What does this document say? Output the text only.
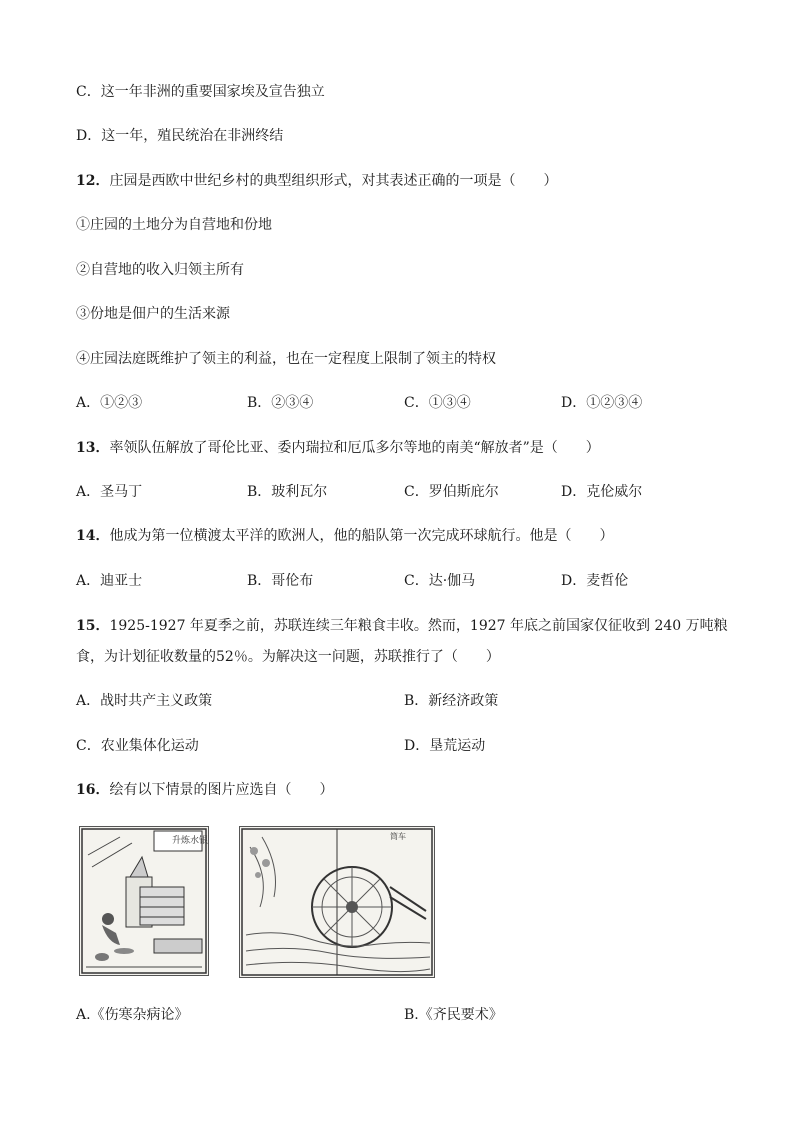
C．这一年非洲的重要国家埃及宣告独立
D．这一年，殖民统治在非洲终结
12．庄园是西欧中世纪乡村的典型组织形式，对其表述正确的一项是（　　）
①庄园的土地分为自营地和份地
②自营地的收入归领主所有
③份地是佃户的生活来源
④庄园法庭既维护了领主的利益，也在一定程度上限制了领主的特权
A．①②③	B．②③④	C．①③④	D．①②③④
13．率领队伍解放了哥伦比亚、委内瑞拉和厄瓜多尔等地的南美“解放者”是（　　）
A．圣马丁	B．玻利瓦尔	C．罗伯斯庇尔	D．克伦威尔
14．他成为第一位横渡太平洋的欧洲人，他的船队第一次完成环球航行。他是（　　）
A．迪亚士	B．哥伦布	C．达·伽马	D．麦哲伦
15．1925-1927 年夏季之前，苏联连续三年粮食丰收。然而，1927 年底之前国家仅征收到 240 万吨粮
食，为计划征收数量的52％。为解决这一问题，苏联推行了（　　）
A．战时共产主义政策	B．新经济政策
C．农业集体化运动	D．垦荒运动
16．绘有以下情景的图片应选自（　　）
升炼水银	筒车
A.《伤寒杂病论》	B.《齐民要术》
